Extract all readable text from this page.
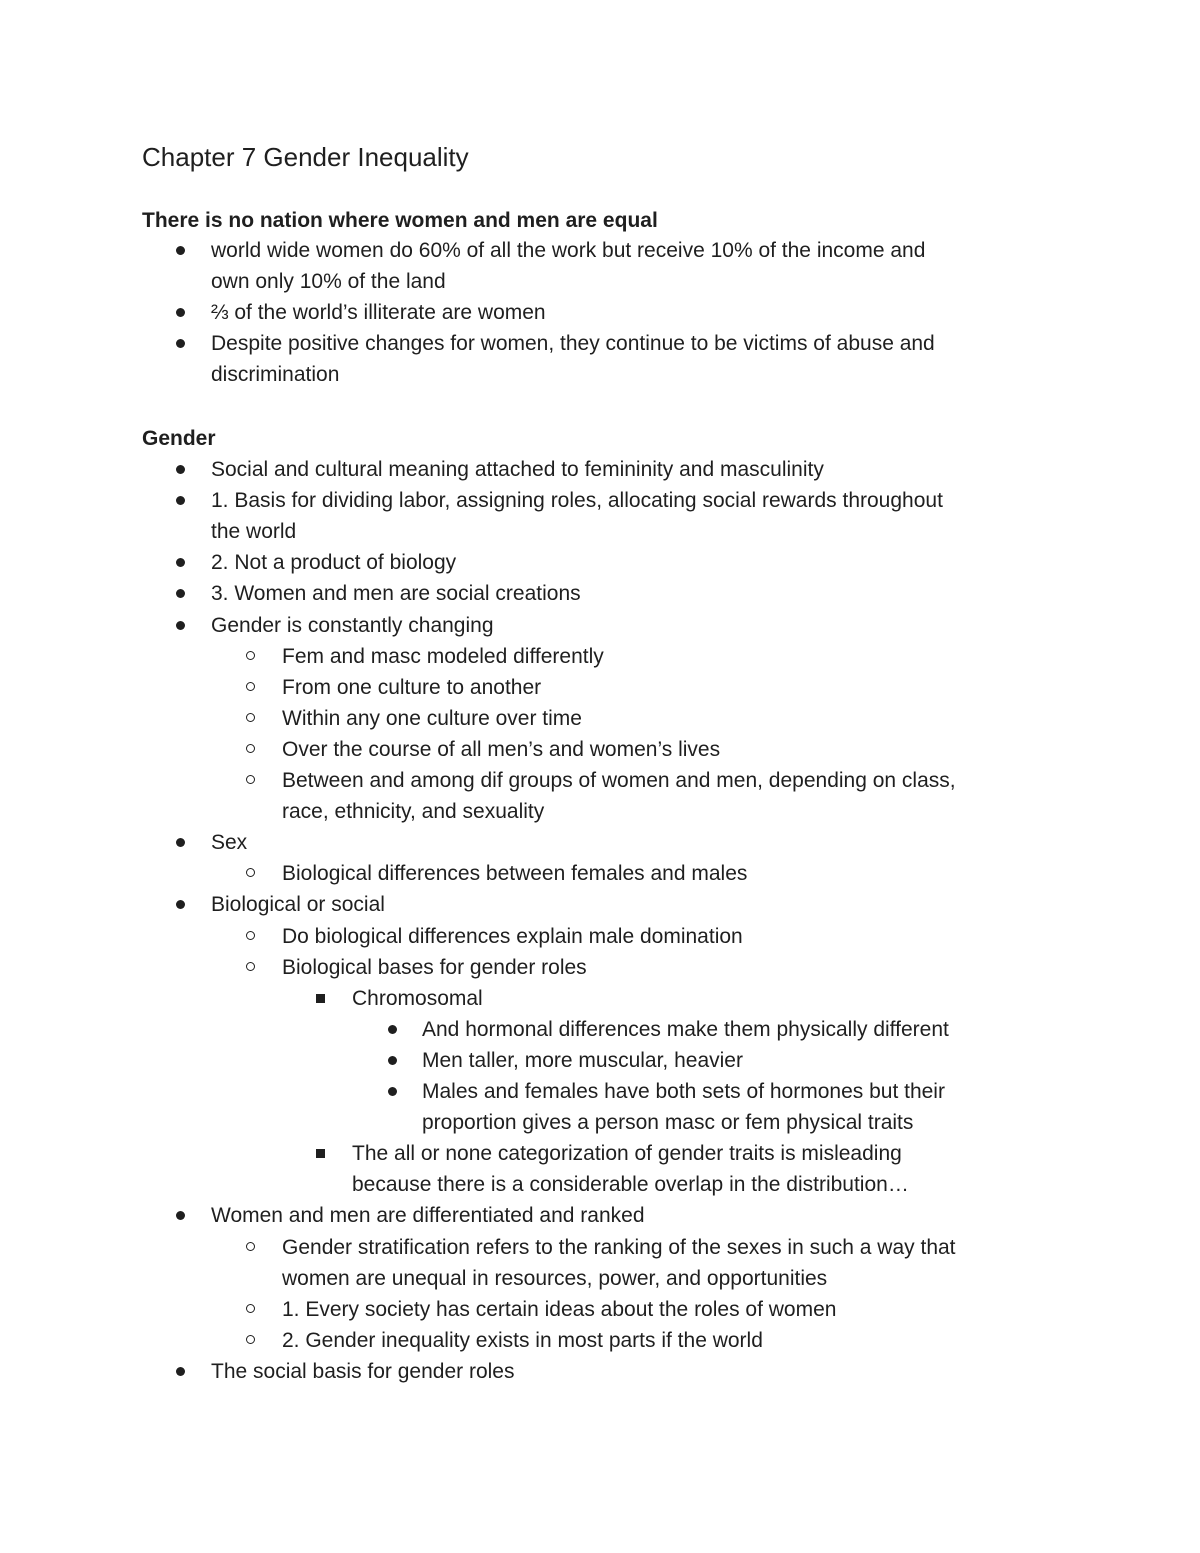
Chapter 7 Gender Inequality
There is no nation where women and men are equal
world wide women do 60% of all the work but receive 10% of the income and
own only 10% of the land
⅔ of the world’s illiterate are women
Despite positive changes for women, they continue to be victims of abuse and
discrimination
Gender
Social and cultural meaning attached to femininity and masculinity
1. Basis for dividing labor, assigning roles, allocating social rewards throughout
the world
2. Not a product of biology
3. Women and men are social creations
Gender is constantly changing
Fem and masc modeled differently
From one culture to another
Within any one culture over time
Over the course of all men’s and women’s lives
Between and among dif groups of women and men, depending on class,
race, ethnicity, and sexuality
Sex
Biological differences between females and males
Biological or social
Do biological differences explain male domination
Biological bases for gender roles
Chromosomal
And hormonal differences make them physically different
Men taller, more muscular, heavier
Males and females have both sets of hormones but their
proportion gives a person masc or fem physical traits
The all or none categorization of gender traits is misleading
because there is a considerable overlap in the distribution…
Women and men are differentiated and ranked
Gender stratification refers to the ranking of the sexes in such a way that
women are unequal in resources, power, and opportunities
1. Every society has certain ideas about the roles of women
2. Gender inequality exists in most parts if the world
The social basis for gender roles
